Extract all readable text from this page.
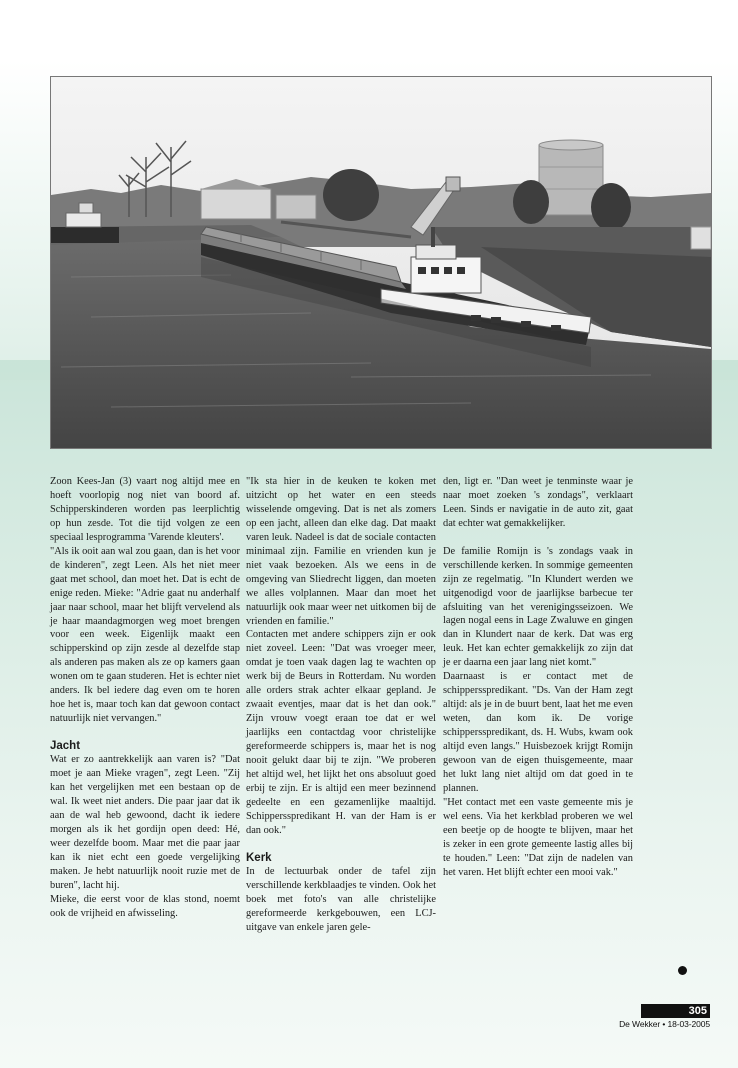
Zoon Kees-Jan (3) vaart nog altijd mee en hoeft voorlopig nog niet van boord af. Schipperskinderen worden pas leerplichtig op hun zesde. Tot die tijd volgen ze een speciaal lesprogramma 'Varende kleuters'.

"Als ik ooit aan wal zou gaan, dan is het voor de kinderen", zegt Leen. Als het niet meer gaat met school, dan moet het. Dat is echt de enige reden. Mieke: "Adrie gaat nu anderhalf jaar naar school, maar het blijft vervelend als je haar maandagmorgen weg moet brengen voor een week. Eigenlijk maakt een schipperskind op zijn zesde al dezelfde stap als anderen pas maken als ze op kamers gaan wonen om te gaan studeren. Het is echter niet anders. Ik bel iedere dag even om te horen hoe het is, maar toch kan dat gewoon contact natuurlijk niet vervangen."

Jacht

Wat er zo aantrekkelijk aan varen is? "Dat moet je aan Mieke vragen", zegt Leen. "Zij kan het vergelijken met een bestaan op de wal. Ik weet niet anders. Die paar jaar dat ik aan de wal heb gewoond, dacht ik iedere morgen als ik het gordijn open deed: Hé, weer dezelfde boom. Maar met die paar jaar kan ik niet echt een goede vergelijking maken. Je hebt natuurlijk nooit ruzie met de buren", lacht hij.

Mieke, die eerst voor de klas stond, noemt ook de vrijheid en afwisseling.

"Ik sta hier in de keuken te koken met uitzicht op het water en een steeds wisselende omgeving. Dat is net als zomers op een jacht, alleen dan elke dag. Dat maakt varen leuk. Nadeel is dat de sociale contacten minimaal zijn. Familie en vrienden kun je niet vaak bezoeken. Als we eens in de omgeving van Sliedrecht liggen, dan moeten we alles volplannen. Maar dan moet het natuurlijk ook maar weer net uitkomen bij de vrienden en familie."

Contacten met andere schippers zijn er ook niet zoveel. Leen: "Dat was vroeger meer, omdat je toen vaak dagen lag te wachten op werk bij de Beurs in Rotterdam. Nu worden alle orders strak achter elkaar gepland. Je zwaait eventjes, maar dat is het dan ook." Zijn vrouw voegt eraan toe dat er wel jaarlijks een contactdag voor christelijke gereformeerde schippers is, maar het is nog nooit gelukt daar bij te zijn. "We proberen het altijd wel, het lijkt het ons absoluut goed erbij te zijn. Er is altijd een meer bezinnend gedeelte en een gezamenlijke maaltijd. Schippersspredikant H. van der Ham is er dan ook."

Kerk

In de lectuurbak onder de tafel zijn verschillende kerkblaadjes te vinden. Ook het boek met foto's van alle christelijke gereformeerde kerkgebouwen, een LCJ-uitgave van enkele jaren gele-

den, ligt er. "Dan weet je tenminste waar je naar moet zoeken 's zondags", verklaart Leen. Sinds er navigatie in de auto zit, gaat dat echter wat gemakkelijker.

De familie Romijn is 's zondags vaak in verschillende kerken. In sommige gemeenten zijn ze regelmatig. "In Klundert werden we uitgenodigd voor de jaarlijkse barbecue ter afsluiting van het verenigingsseizoen. We lagen nogal eens in Lage Zwaluwe en gingen dan in Klundert naar de kerk. Dat was erg leuk. Het kan echter gemakkelijk zo zijn dat je er daarna een jaar lang niet komt."

Daarnaast is er contact met de schippersspredikant. "Ds. Van der Ham zegt altijd: als je in de buurt bent, laat het me even weten, dan kom ik. De vorige schippersspredikant, ds. H. Wubs, kwam ook altijd even langs." Huisbezoek krijgt Romijn gewoon van de eigen thuisgemeente, maar het lukt lang niet altijd om dat goed in te plannen.

"Het contact met een vaste gemeente mis je wel eens. Via het kerkblad proberen we wel een beetje op de hoogte te blijven, maar het is zeker in een grote gemeente lastig alles bij te houden." Leen: "Dat zijn de nadelen van het varen. Het blijft echter een mooi vak."

305
De Wekker • 18-03-2005
